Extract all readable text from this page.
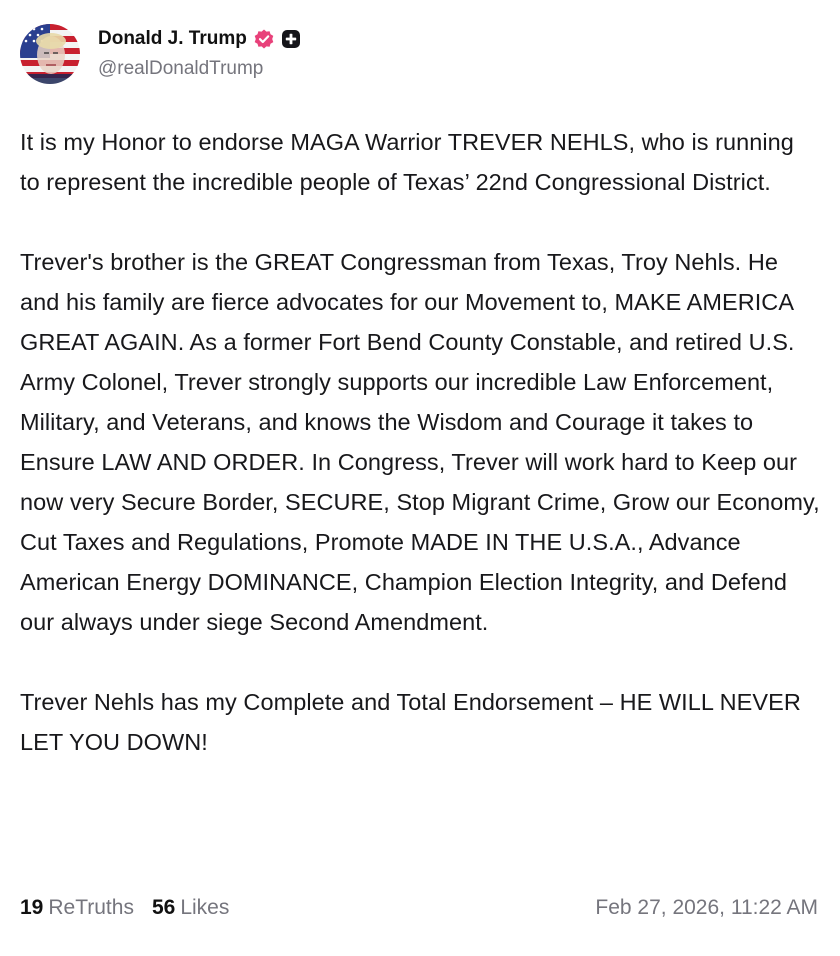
Donald J. Trump
@realDonaldTrump

It is my Honor to endorse MAGA Warrior TREVER NEHLS, who is running to represent the incredible people of Texas’ 22nd Congressional District.

Trever's brother is the GREAT Congressman from Texas, Troy Nehls. He and his family are fierce advocates for our Movement to, MAKE AMERICA GREAT AGAIN. As a former Fort Bend County Constable, and retired U.S. Army Colonel, Trever strongly supports our incredible Law Enforcement, Military, and Veterans, and knows the Wisdom and Courage it takes to Ensure LAW AND ORDER. In Congress, Trever will work hard to Keep our now very Secure Border, SECURE, Stop Migrant Crime, Grow our Economy, Cut Taxes and Regulations, Promote MADE IN THE U.S.A., Advance American Energy DOMINANCE, Champion Election Integrity, and Defend our always under siege Second Amendment.

Trever Nehls has my Complete and Total Endorsement – HE WILL NEVER LET YOU DOWN!

19 ReTruths 56 Likes	Feb 27, 2026, 11:22 AM
